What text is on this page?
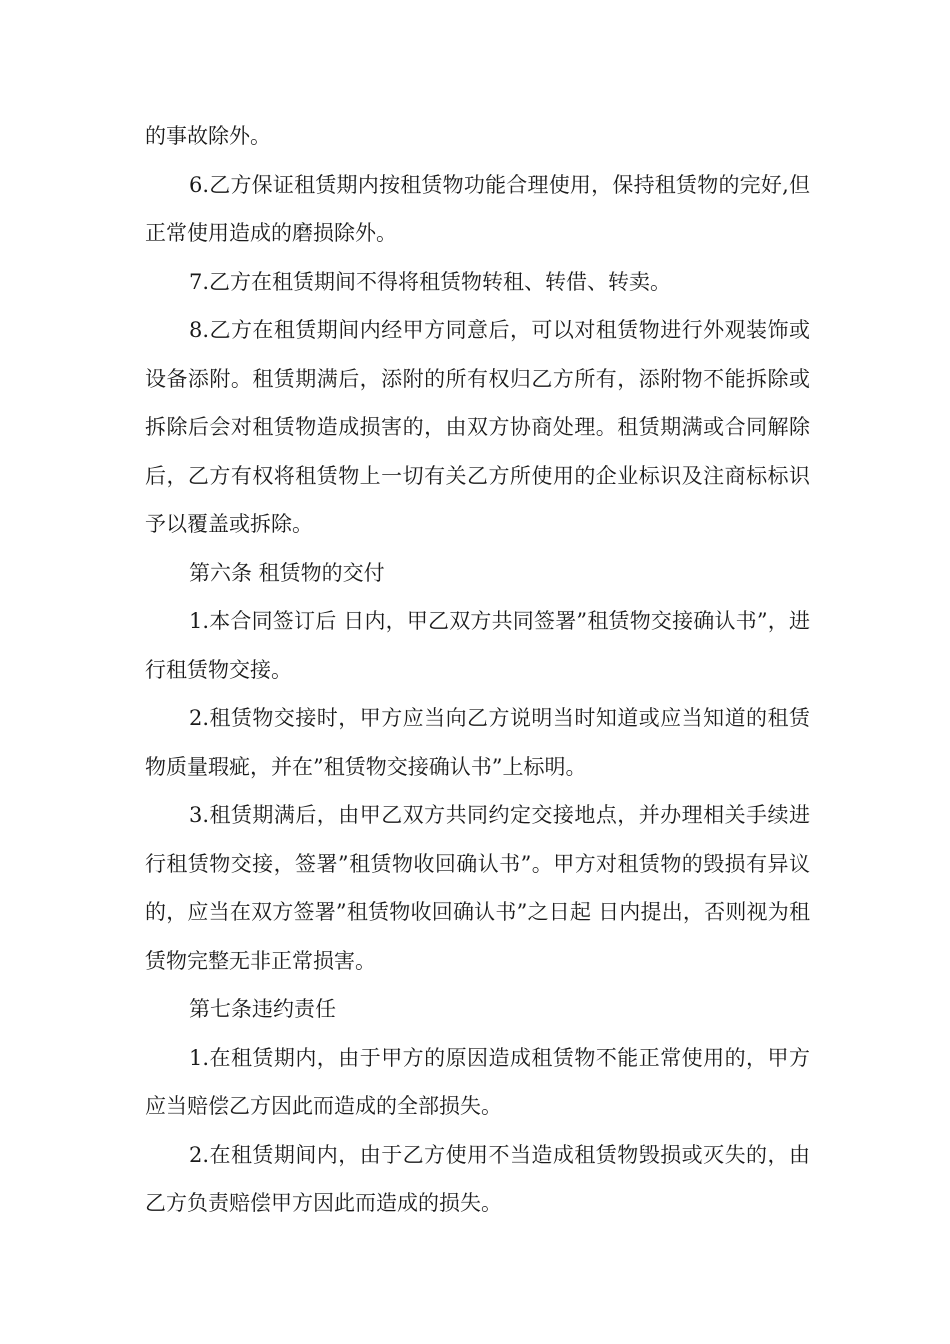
的事故除外。

6.乙方保证租赁期内按租赁物功能合理使用，保持租赁物的完好,但正常使用造成的磨损除外。

7.乙方在租赁期间不得将租赁物转租、转借、转卖。

8.乙方在租赁期间内经甲方同意后，可以对租赁物进行外观装饰或设备添附。租赁期满后，添附的所有权归乙方所有，添附物不能拆除或拆除后会对租赁物造成损害的，由双方协商处理。租赁期满或合同解除后，乙方有权将租赁物上一切有关乙方所使用的企业标识及注商标标识予以覆盖或拆除。

第六条 租赁物的交付

1.本合同签订后 日内，甲乙双方共同签署”租赁物交接确认书”，进行租赁物交接。

2.租赁物交接时，甲方应当向乙方说明当时知道或应当知道的租赁物质量瑕疵，并在”租赁物交接确认书”上标明。

3.租赁期满后，由甲乙双方共同约定交接地点，并办理相关手续进行租赁物交接，签署”租赁物收回确认书”。甲方对租赁物的毁损有异议的，应当在双方签署”租赁物收回确认书”之日起 日内提出，否则视为租赁物完整无非正常损害。

第七条违约责任

1.在租赁期内，由于甲方的原因造成租赁物不能正常使用的，甲方应当赔偿乙方因此而造成的全部损失。

2.在租赁期间内，由于乙方使用不当造成租赁物毁损或灭失的，由乙方负责赔偿甲方因此而造成的损失。
